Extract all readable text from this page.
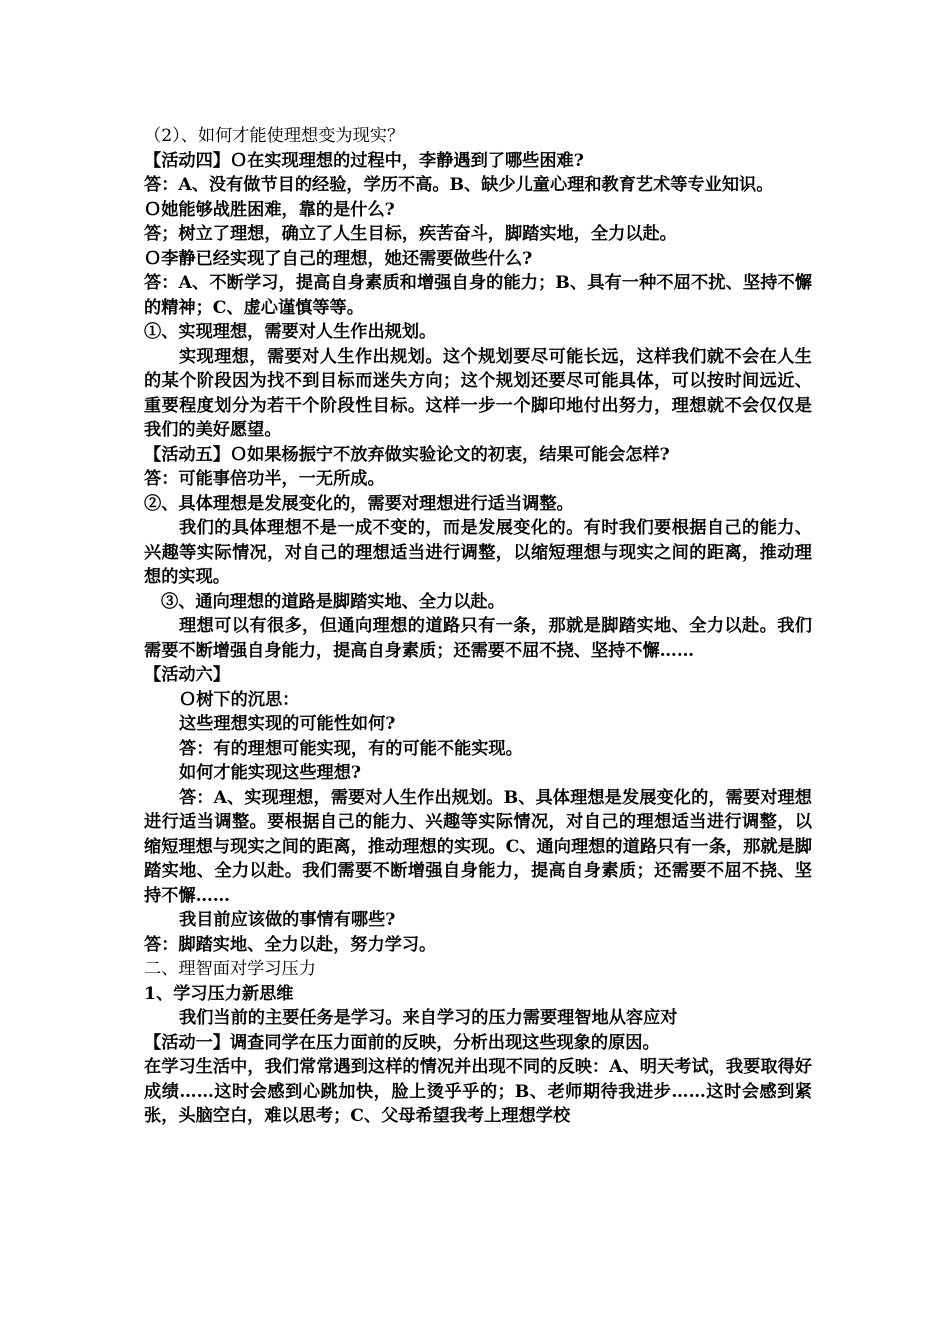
（2）、如何才能使理想变为现实？

【活动四】Ｏ在实现理想的过程中，李静遇到了哪些困难?

答：A、没有做节目的经验，学历不高。B、缺少儿童心理和教育艺术等专业知识。

Ｏ她能够战胜困难，靠的是什么?

答；树立了理想，确立了人生目标，疾苦奋斗，脚踏实地，全力以赴。

Ｏ李静已经实现了自己的理想，她还需要做些什么?

答：A、不断学习，提高自身素质和增强自身的能力；B、具有一种不屈不扰、坚持不懈的精神；C、虚心谨慎等等。

①、实现理想，需要对人生作出规划。

实现理想，需要对人生作出规划。这个规划要尽可能长远，这样我们就不会在人生的某个阶段因为找不到目标而迷失方向；这个规划还要尽可能具体，可以按时间远近、重要程度划分为若干个阶段性目标。这样一步一个脚印地付出努力，理想就不会仅仅是我们的美好愿望。

【活动五】Ｏ如果杨振宁不放弃做实验论文的初衷，结果可能会怎样?

答：可能事倍功半，一无所成。

②、具体理想是发展变化的，需要对理想进行适当调整。

我们的具体理想不是一成不变的，而是发展变化的。有时我们要根据自己的能力、兴趣等实际情况，对自己的理想适当进行调整，以缩短理想与现实之间的距离，推动理想的实现。

③、通向理想的道路是脚踏实地、全力以赴。

理想可以有很多，但通向理想的道路只有一条，那就是脚踏实地、全力以赴。我们需要不断增强自身能力，提高自身素质；还需要不屈不挠、坚持不懈……

【活动六】

Ｏ树下的沉思：

这些理想实现的可能性如何?

答：有的理想可能实现，有的可能不能实现。

如何才能实现这些理想?

答：A、实现理想，需要对人生作出规划。B、具体理想是发展变化的，需要对理想进行适当调整。要根据自己的能力、兴趣等实际情况，对自己的理想适当进行调整，以缩短理想与现实之间的距离，推动理想的实现。C、通向理想的道路只有一条，那就是脚踏实地、全力以赴。我们需要不断增强自身能力，提高自身素质；还需要不屈不挠、坚持不懈……

我目前应该做的事情有哪些?

答：脚踏实地、全力以赴，努力学习。

二、理智面对学习压力

1、学习压力新思维

我们当前的主要任务是学习。来自学习的压力需要理智地从容应对

【活动一】调查同学在压力面前的反映，分析出现这些现象的原因。

在学习生活中，我们常常遇到这样的情况并出现不同的反映：A、明天考试，我要取得好成绩……这时会感到心跳加快，脸上烫乎乎的；B、老师期待我进步……这时会感到紧张，头脑空白，难以思考；C、父母希望我考上理想学校
